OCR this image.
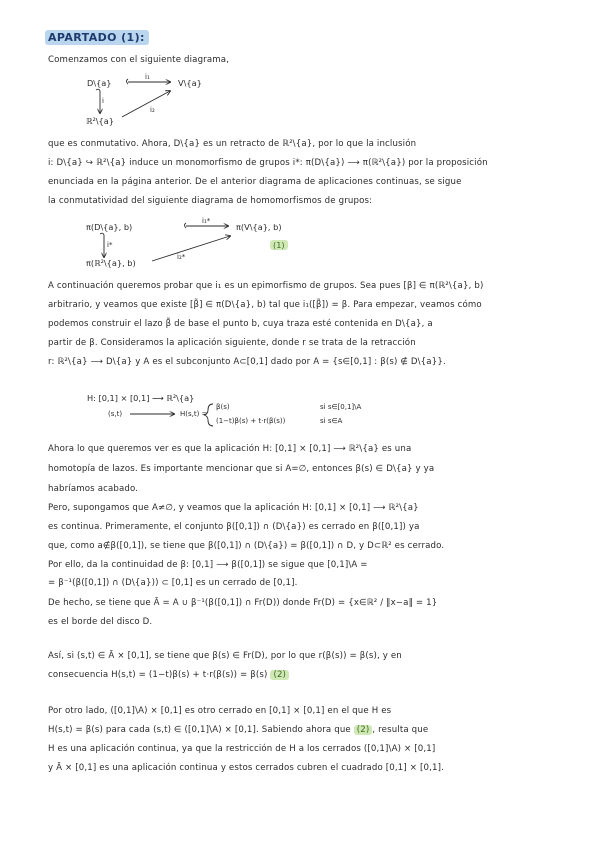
APARTADO (1):
Comenzamos con el siguiente diagrama,
D\{a}	V\{a}
ℝ²\{a}
i₁
i
i₂
que es conmutativo. Ahora, D\{a} es un retracto de ℝ²\{a}, por lo que la inclusión
i: D\{a} ↪ ℝ²\{a} induce un monomorfismo de grupos i*: π(D\{a}) ⟶ π(ℝ²\{a}) por la proposición
enunciada en la página anterior. De el anterior diagrama de aplicaciones continuas, se sigue
la conmutatividad del siguiente diagrama de homomorfismos de grupos:
π(D\{a}, b)	π(V\{a}, b)
π(ℝ²\{a}, b)
i₁*
i*
i₂*
(1)
A continuación queremos probar que i₁ es un epimorfismo de grupos. Sea pues [β] ∈ π(ℝ²\{a}, b)
arbitrario, y veamos que existe [β̃] ∈ π(D\{a}, b) tal que i₁([β̃]) = β. Para empezar, veamos cómo
podemos construir el lazo β̃ de base el punto b, cuya traza esté contenida en D\{a}, a
partir de β. Consideramos la aplicación siguiente, donde r se trata de la retracción
r: ℝ²\{a} ⟶ D\{a} y A es el subconjunto A⊂[0,1] dado por A = {s∈[0,1] : β(s) ∉ D\{a}}.
H: [0,1] × [0,1] ⟶ ℝ²\{a}
(s,t)	H(s,t) =
β(s)
(1−t)β(s) + t·r(β(s))
si s∈[0,1]\A
si s∈A
Ahora lo que queremos ver es que la aplicación H: [0,1] × [0,1] ⟶ ℝ²\{a} es una
homotopía de lazos. Es importante mencionar que si A=∅, entonces β(s) ∈ D\{a} y ya
habríamos acabado.
Pero, supongamos que A≠∅, y veamos que la aplicación H: [0,1] × [0,1] ⟶ ℝ²\{a}
es continua. Primeramente, el conjunto β([0,1]) ∩ (D\{a}) es cerrado en β([0,1]) ya
que, como a∉β([0,1]), se tiene que β([0,1]) ∩ (D\{a}) = β([0,1]) ∩ D, y D⊂ℝ² es cerrado.
Por ello, da la continuidad de β: [0,1] ⟶ β([0,1]) se sigue que [0,1]\A =
= β⁻¹(β([0,1]) ∩ (D\{a})) ⊂ [0,1] es un cerrado de [0,1].
De hecho, se tiene que Ā = A ∪ β⁻¹(β([0,1]) ∩ Fr(D)) donde Fr(D) = {x∈ℝ² / ‖x−a‖ = 1}
es el borde del disco D.
Así, si (s,t) ∈ Ā × [0,1], se tiene que β(s) ∈ Fr(D), por lo que r(β(s)) = β(s), y en
consecuencia H(s,t) = (1−t)β(s) + t·r(β(s)) = β(s) (2)
Por otro lado, ([0,1]\A) × [0,1] es otro cerrado en [0,1] × [0,1] en el que H es
H(s,t) = β(s) para cada (s,t) ∈ ([0,1]\A) × [0,1]. Sabiendo ahora que (2) , resulta que
H es una aplicación continua, ya que la restricción de H a los cerrados ([0,1]\A) × [0,1]
y Ā × [0,1] es una aplicación continua y estos cerrados cubren el cuadrado [0,1] × [0,1].
